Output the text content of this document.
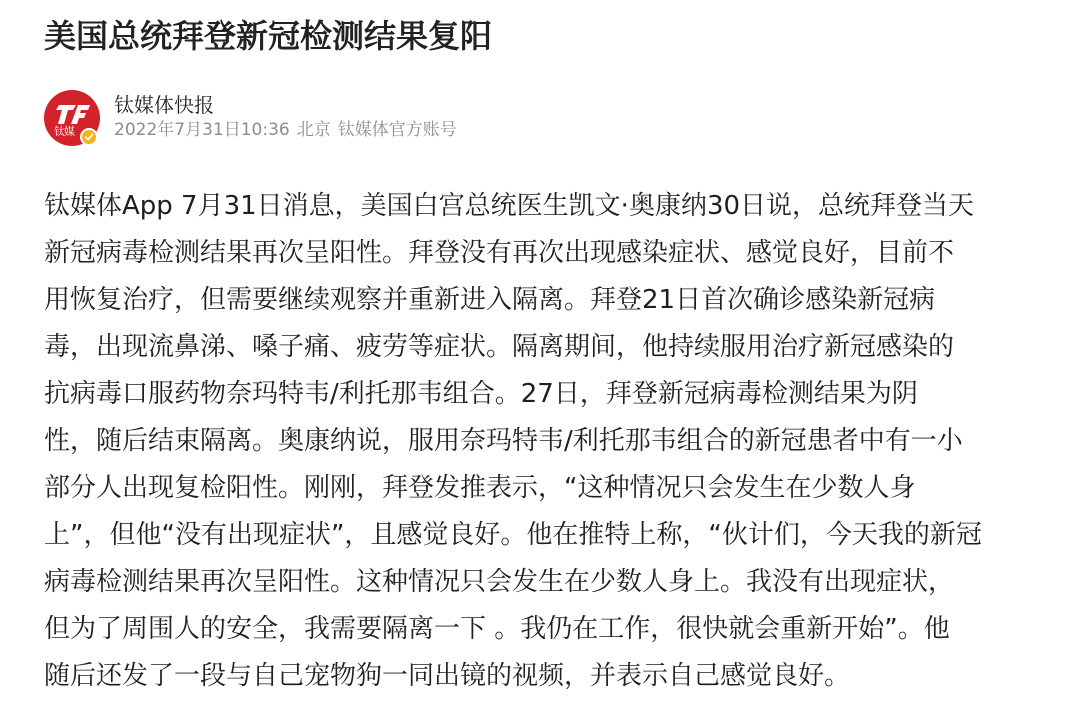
美国总统拜登新冠检测结果复阳
钛媒
钛媒体快报
2022年7月31日10:36 北京 钛媒体官方账号
钛媒体App 7月31日消息，美国白宫总统医生凯文·奥康纳30日说，总统拜登当天
新冠病毒检测结果再次呈阳性。拜登没有再次出现感染症状、感觉良好，目前不
用恢复治疗，但需要继续观察并重新进入隔离。拜登21日首次确诊感染新冠病
毒，出现流鼻涕、嗓子痛、疲劳等症状。隔离期间，他持续服用治疗新冠感染的
抗病毒口服药物奈玛特韦/利托那韦组合。27日，拜登新冠病毒检测结果为阴
性，随后结束隔离。奥康纳说，服用奈玛特韦/利托那韦组合的新冠患者中有一小
部分人出现复检阳性。刚刚，拜登发推表示，“这种情况只会发生在少数人身
上”，但他“没有出现症状”，且感觉良好。他在推特上称，“伙计们，今天我的新冠
病毒检测结果再次呈阳性。这种情况只会发生在少数人身上。我没有出现症状，
但为了周围人的安全，我需要隔离一下 。我仍在工作，很快就会重新开始”。他
随后还发了一段与自己宠物狗一同出镜的视频，并表示自己感觉良好。
